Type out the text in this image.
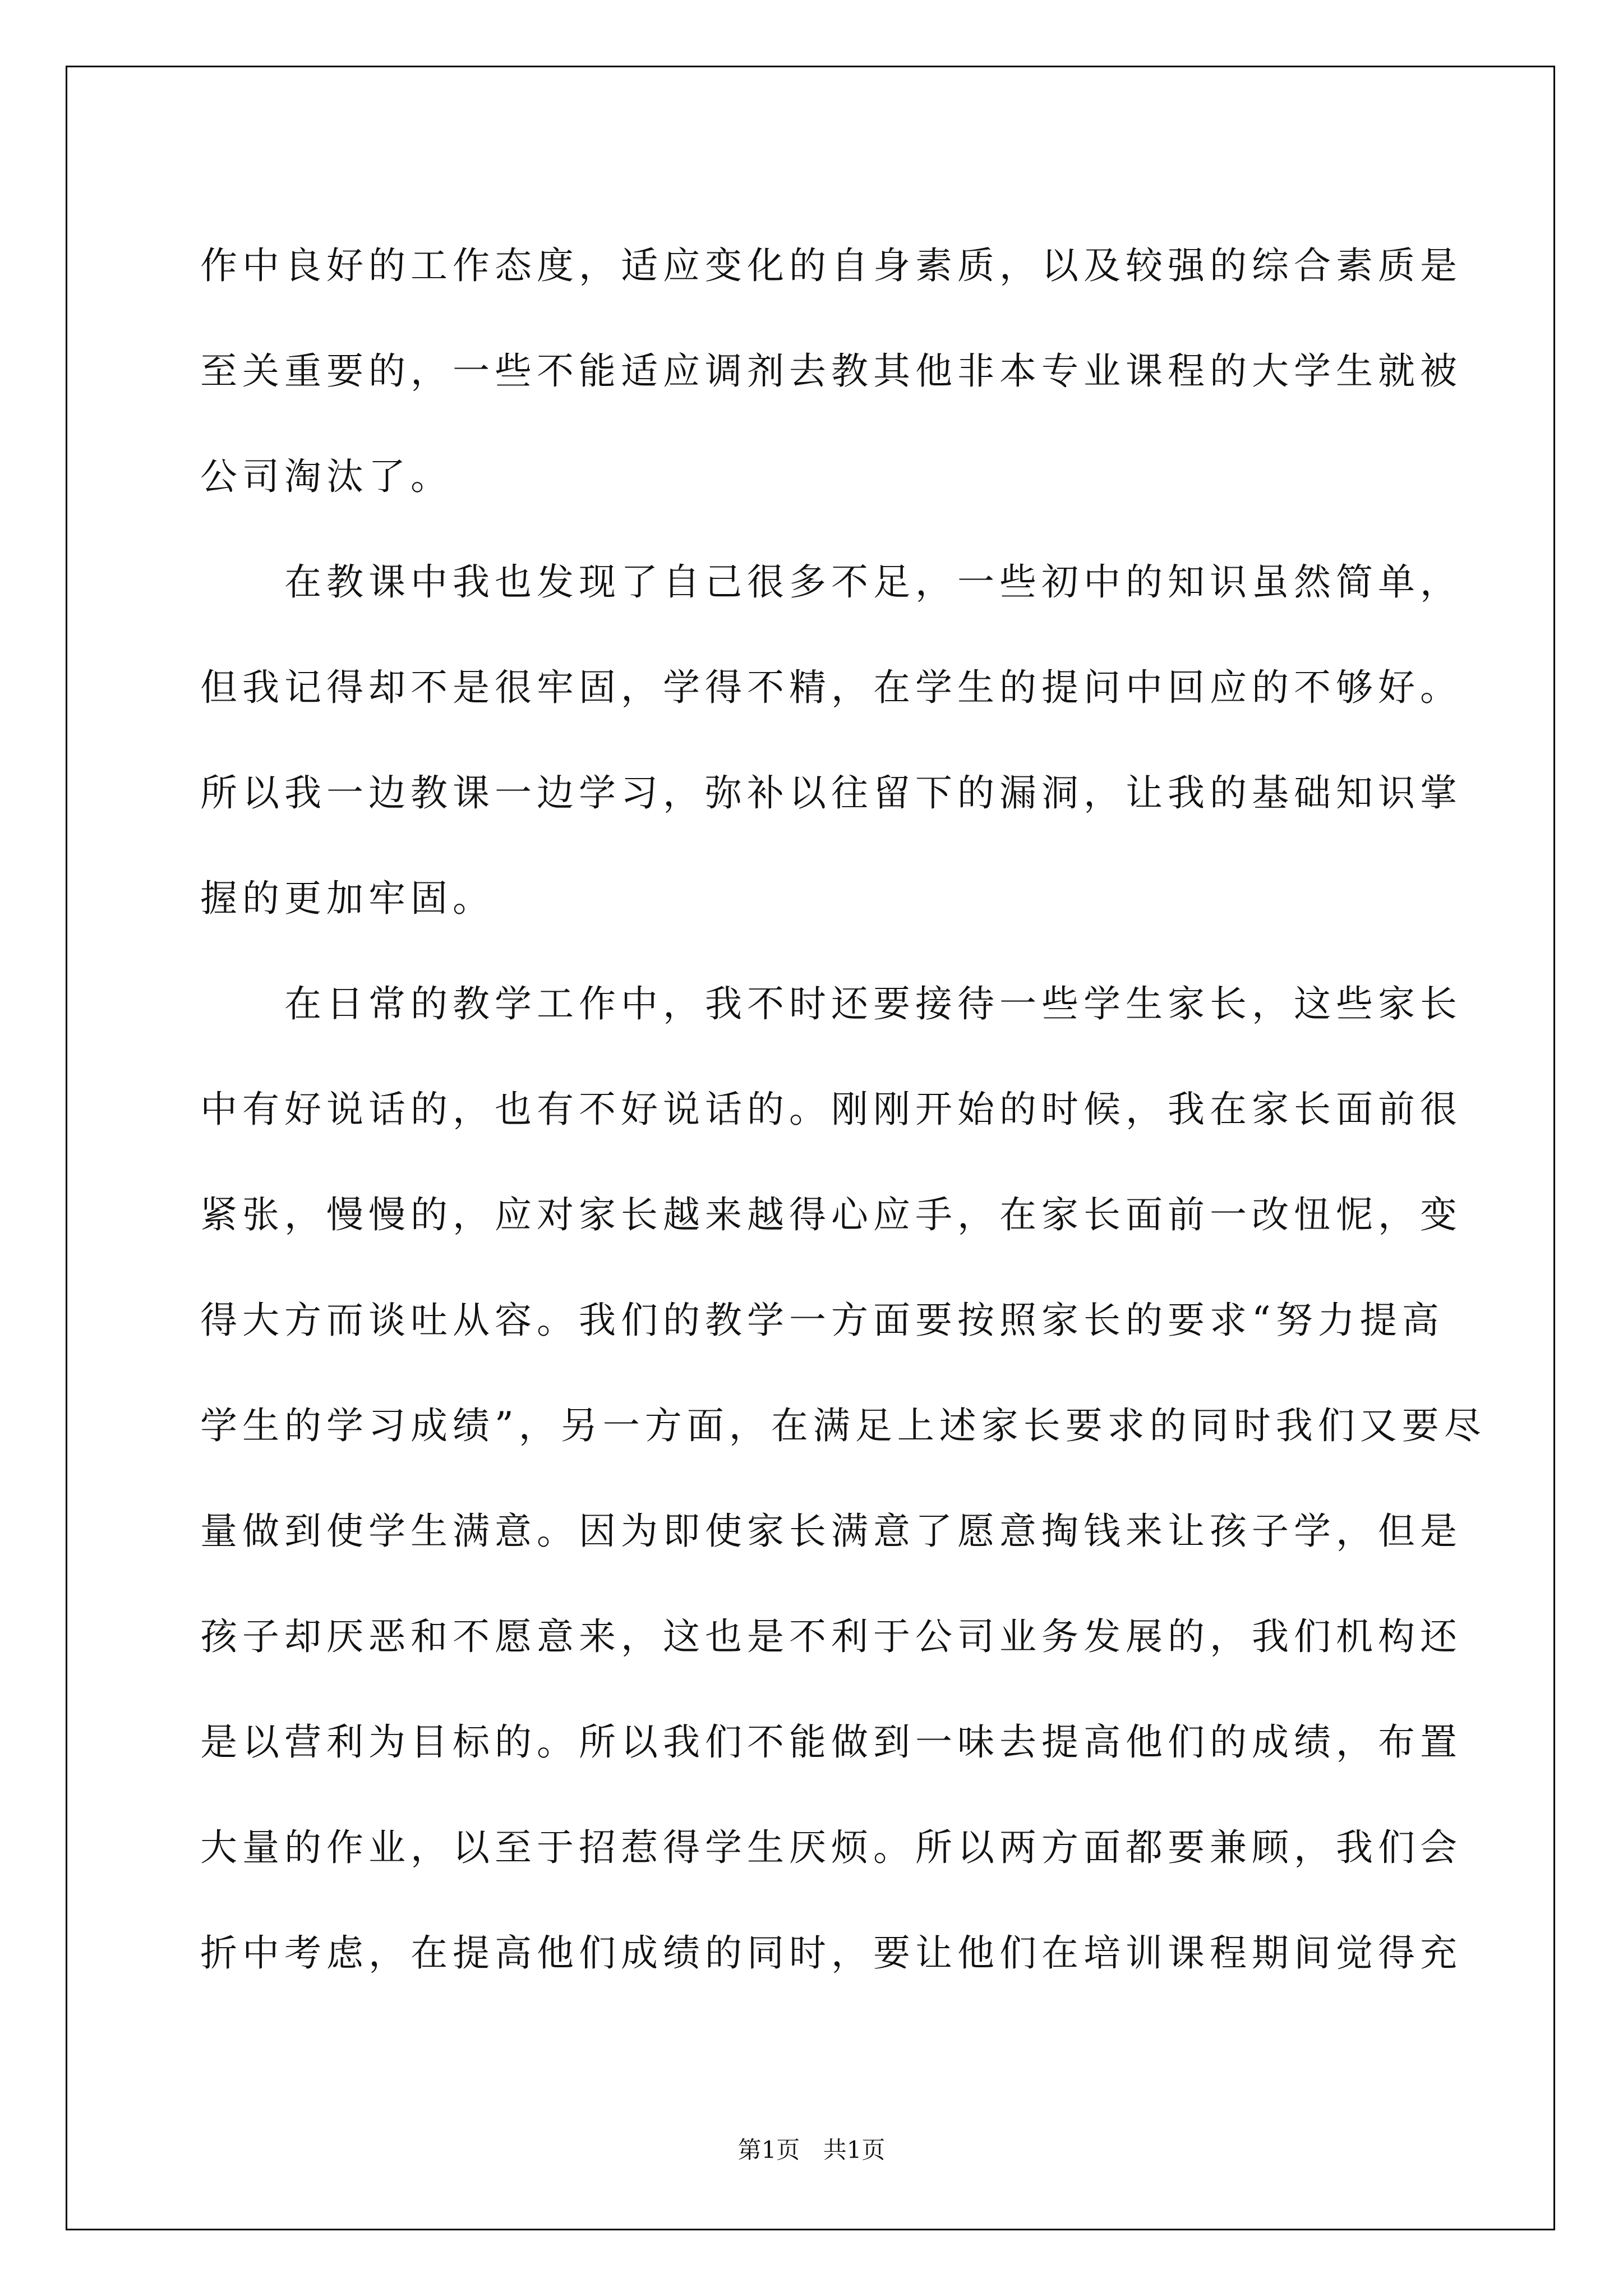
作中良好的工作态度，适应变化的自身素质，以及较强的综合素质是
至关重要的，一些不能适应调剂去教其他非本专业课程的大学生就被
公司淘汰了。
在教课中我也发现了自己很多不足，一些初中的知识虽然简单，
但我记得却不是很牢固，学得不精，在学生的提问中回应的不够好。
所以我一边教课一边学习，弥补以往留下的漏洞，让我的基础知识掌
握的更加牢固。
在日常的教学工作中，我不时还要接待一些学生家长，这些家长
中有好说话的，也有不好说话的。刚刚开始的时候，我在家长面前很
紧张，慢慢的，应对家长越来越得心应手，在家长面前一改忸怩，变
得大方而谈吐从容。我们的教学一方面要按照家长的要求“努力提高
学生的学习成绩”，另一方面，在满足上述家长要求的同时我们又要尽
量做到使学生满意。因为即使家长满意了愿意掏钱来让孩子学，但是
孩子却厌恶和不愿意来，这也是不利于公司业务发展的，我们机构还
是以营利为目标的。所以我们不能做到一味去提高他们的成绩，布置
大量的作业，以至于招惹得学生厌烦。所以两方面都要兼顾，我们会
折中考虑，在提高他们成绩的同时，要让他们在培训课程期间觉得充
第1页 共1页
